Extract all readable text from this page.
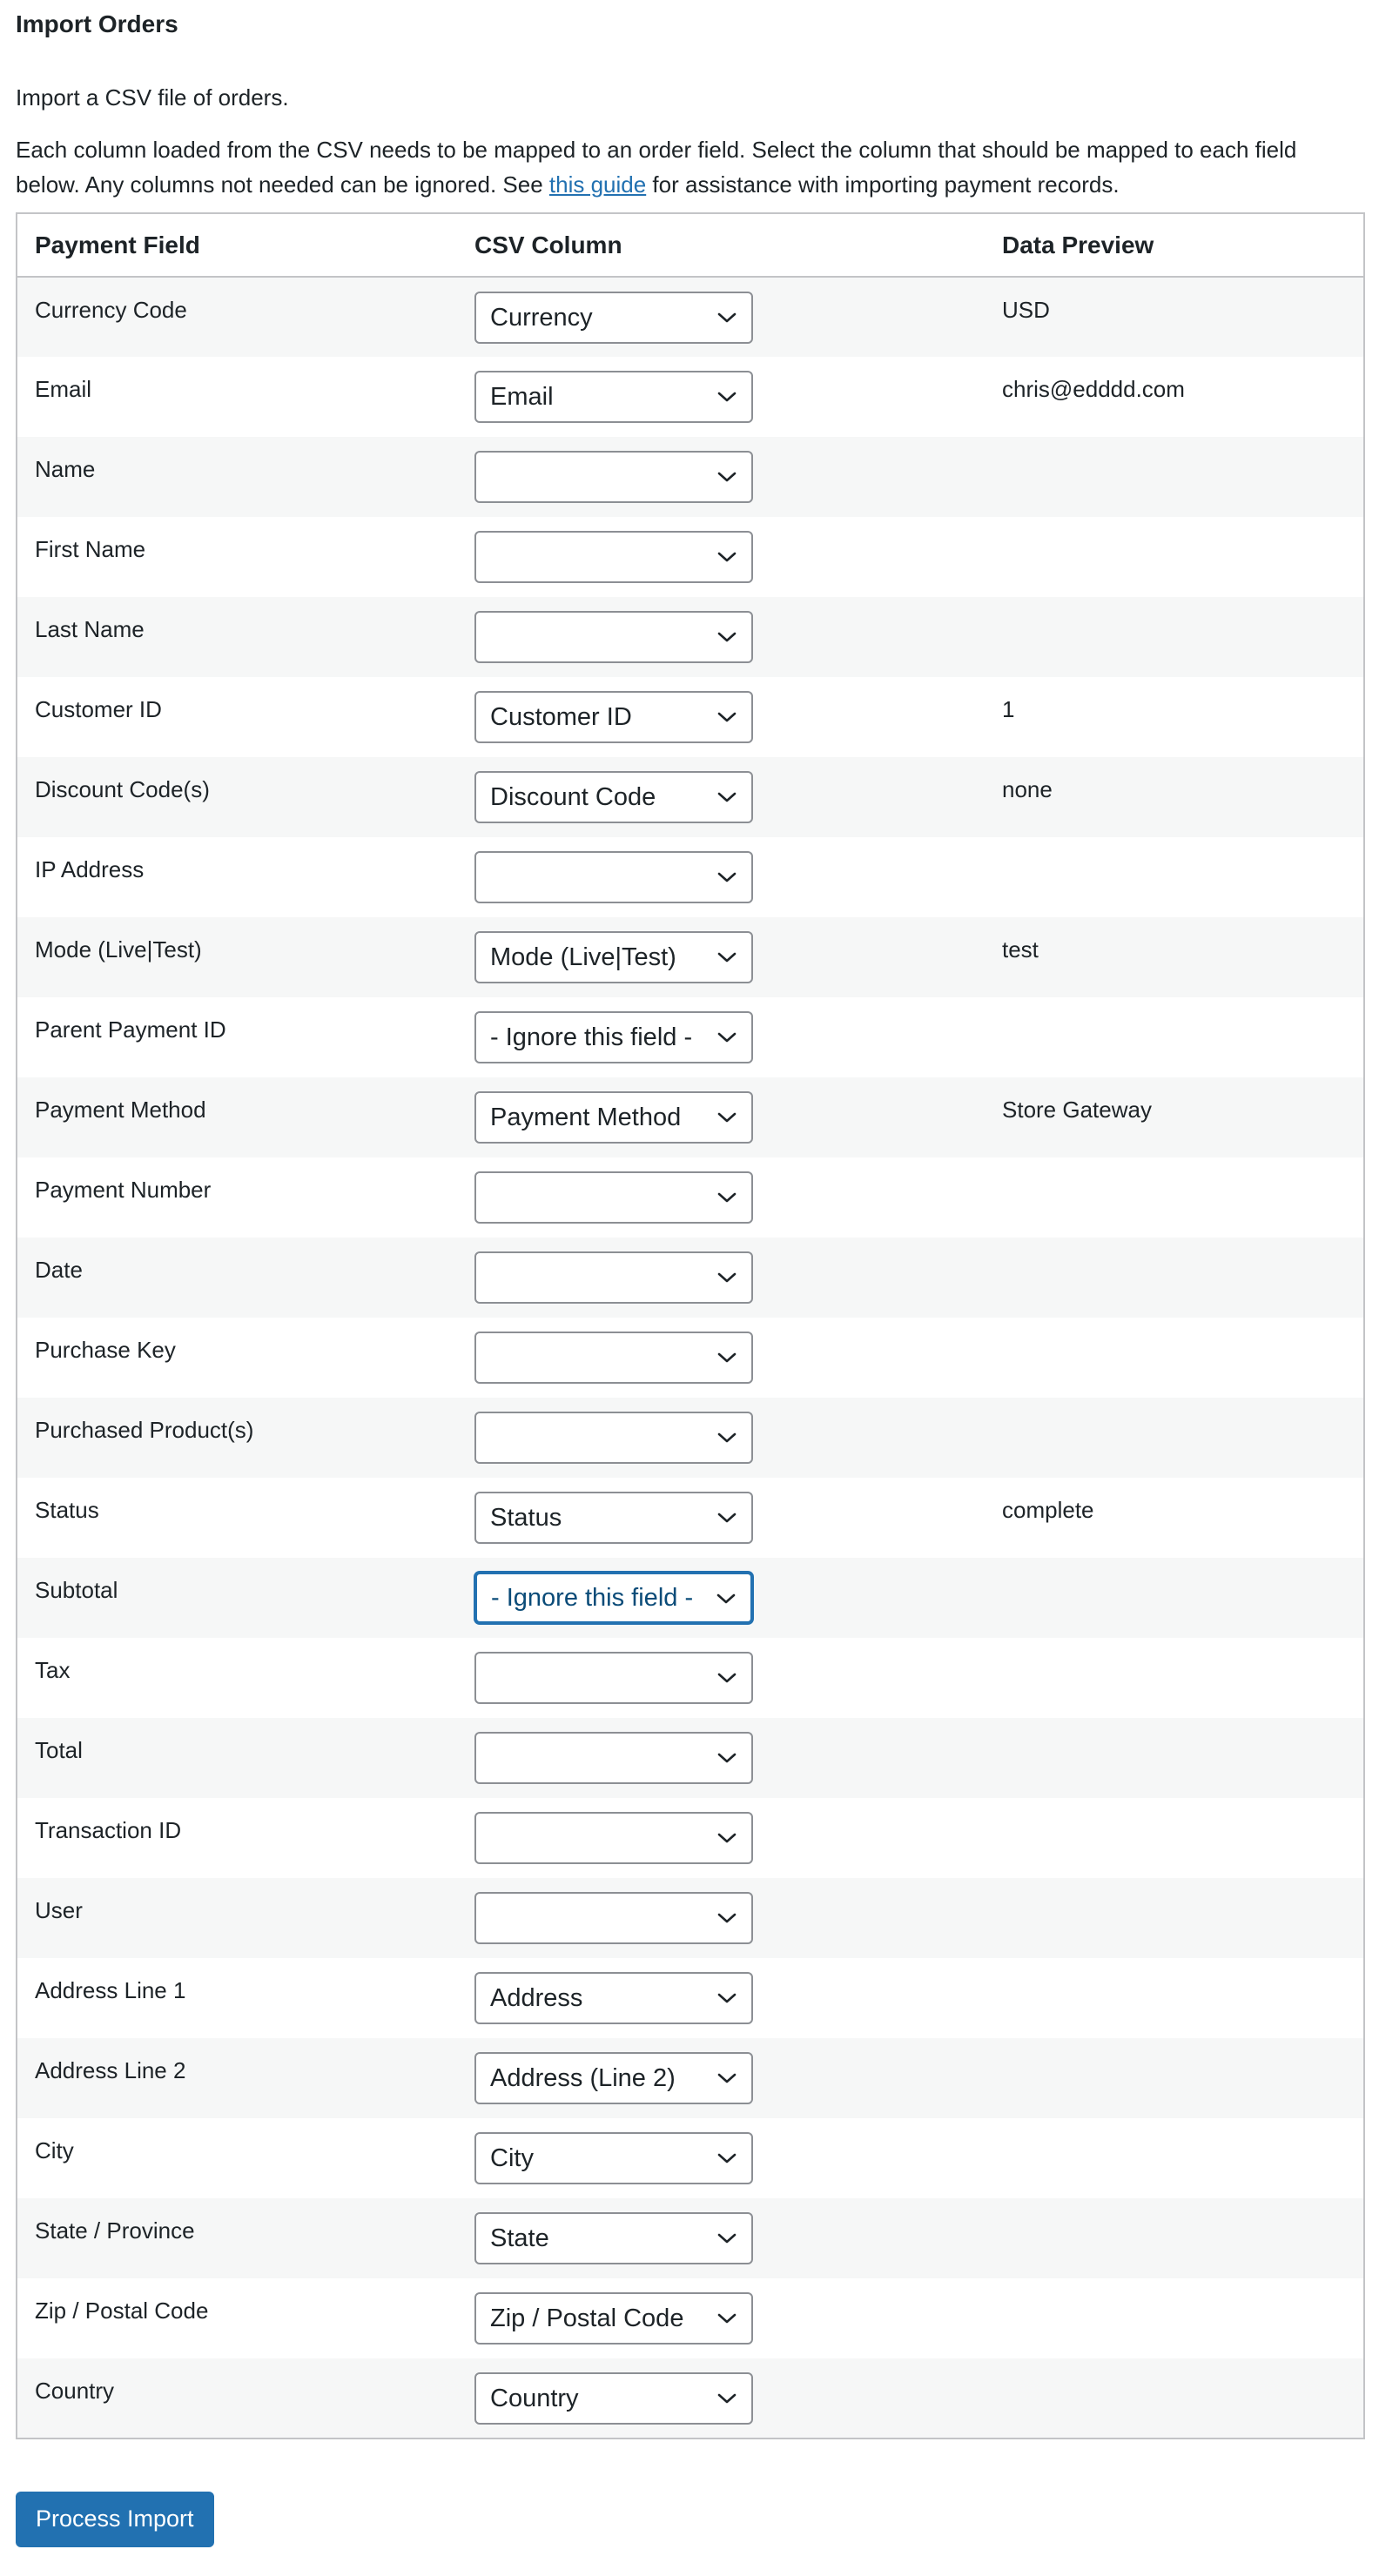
Import Orders

Import a CSV file of orders.

Each column loaded from the CSV needs to be mapped to an order field. Select the column that should be mapped to each field below. Any columns not needed can be ignored. See this guide for assistance with importing payment records.

Payment Field	CSV Column	Data Preview
Currency Code	Currency	USD
Email	Email	chris@edddd.com
Name	

First Name	

Last Name	

Customer ID	Customer ID	1
Discount Code(s)	Discount Code	none
IP Address	

Mode (Live|Test)	Mode (Live|Test)	test
Parent Payment ID	- Ignore this field -	

Payment Method	Payment Method	Store Gateway
Payment Number	

Date	

Purchase Key	

Purchased Product(s)	

Status	Status	complete
Subtotal	- Ignore this field -	

Tax	

Total	

Transaction ID	

User	

Address Line 1	Address	

Address Line 2	Address (Line 2)	

City	City	

State / Province	State	

Zip / Postal Code	Zip / Postal Code	

Country	Country	

Process Import
